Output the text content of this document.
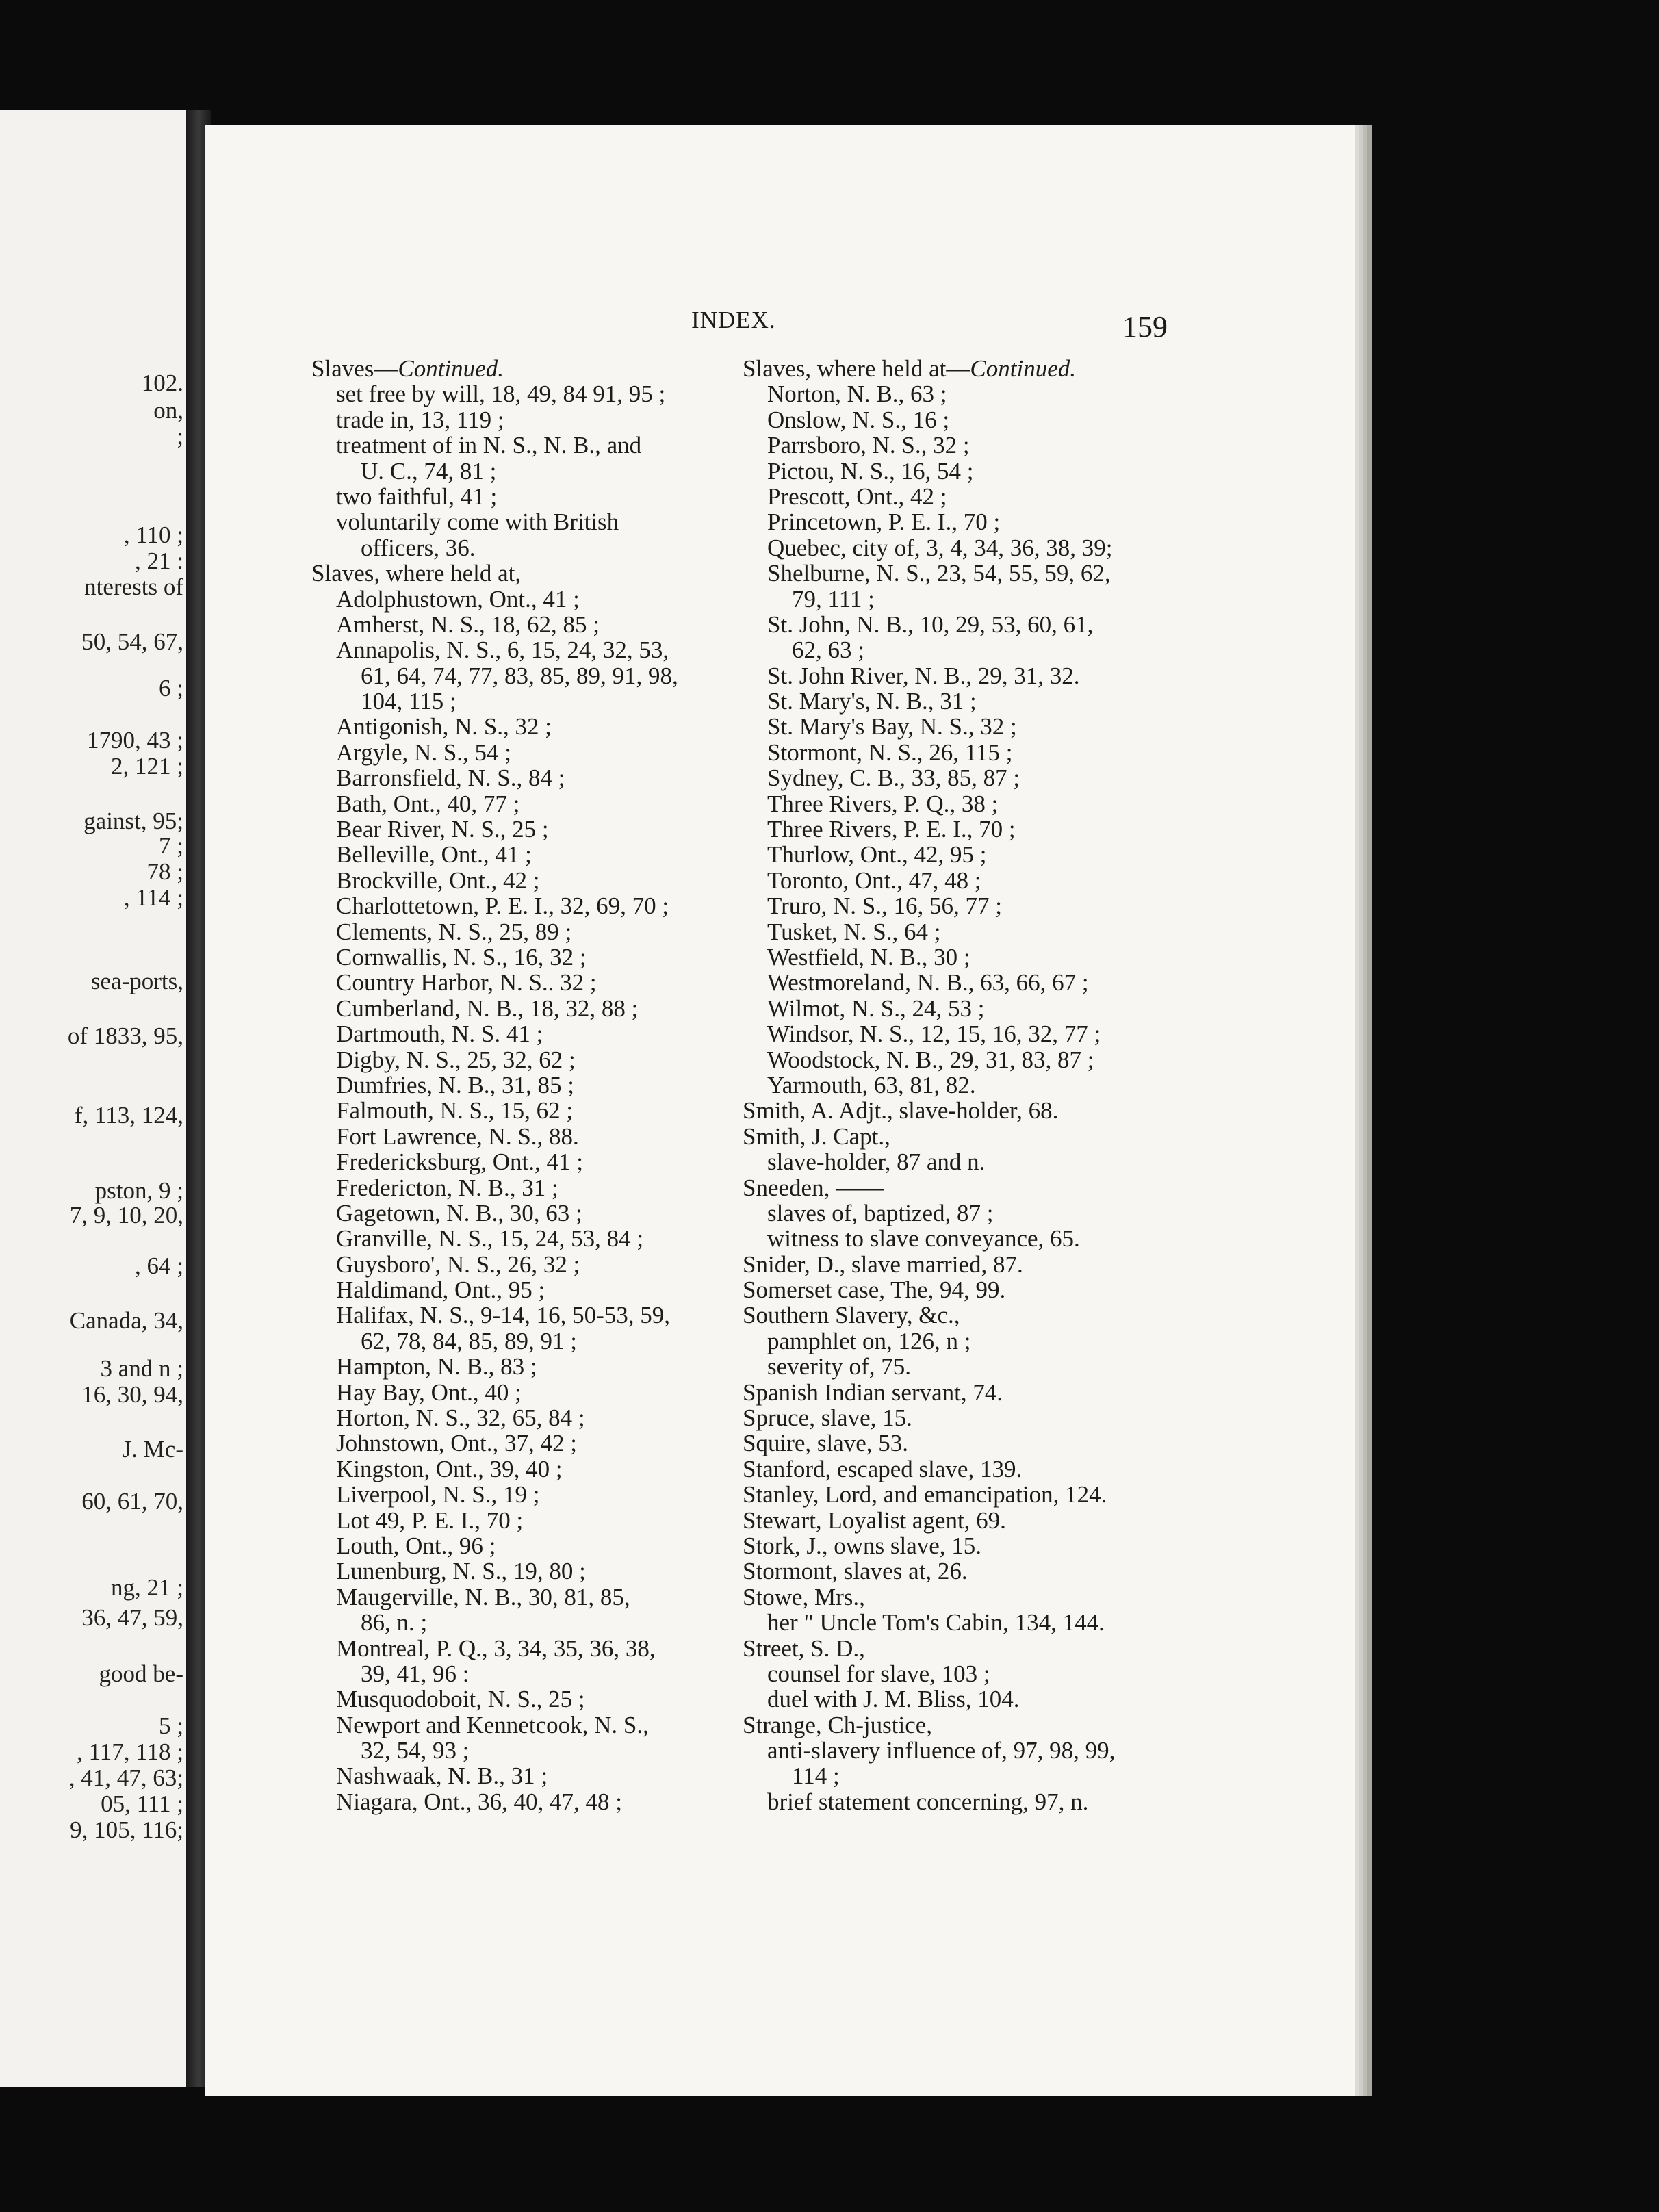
102.
on,
;
, 110 ;
, 21 :
nterests of
50, 54, 67,
6 ;
1790, 43 ;
2, 121 ;
gainst, 95;
7 ;
78 ;
, 114 ;
sea-ports,
of 1833, 95,
f, 113, 124,
pston, 9 ;
7, 9, 10, 20,
, 64 ;
Canada, 34,
3 and n ;
16, 30, 94,
J. Mc-
60, 61, 70,
ng, 21 ;
36, 47, 59,
good be-
5 ;
, 117, 118 ;
, 41, 47, 63;
05, 111 ;
9, 105, 116;
INDEX.	159
Slaves—Continued.
set free by will, 18, 49, 84 91, 95 ;
trade in, 13, 119 ;
treatment of in N. S., N. B., and
U. C., 74, 81 ;
two faithful, 41 ;
voluntarily come with British
officers, 36.
Slaves, where held at,
Adolphustown, Ont., 41 ;
Amherst, N. S., 18, 62, 85 ;
Annapolis, N. S., 6, 15, 24, 32, 53,
61, 64, 74, 77, 83, 85, 89, 91, 98,
104, 115 ;
Antigonish, N. S., 32 ;
Argyle, N. S., 54 ;
Barronsfield, N. S., 84 ;
Bath, Ont., 40, 77 ;
Bear River, N. S., 25 ;
Belleville, Ont., 41 ;
Brockville, Ont., 42 ;
Charlottetown, P. E. I., 32, 69, 70 ;
Clements, N. S., 25, 89 ;
Cornwallis, N. S., 16, 32 ;
Country Harbor, N. S.. 32 ;
Cumberland, N. B., 18, 32, 88 ;
Dartmouth, N. S. 41 ;
Digby, N. S., 25, 32, 62 ;
Dumfries, N. B., 31, 85 ;
Falmouth, N. S., 15, 62 ;
Fort Lawrence, N. S., 88.
Fredericksburg, Ont., 41 ;
Fredericton, N. B., 31 ;
Gagetown, N. B., 30, 63 ;
Granville, N. S., 15, 24, 53, 84 ;
Guysboro', N. S., 26, 32 ;
Haldimand, Ont., 95 ;
Halifax, N. S., 9-14, 16, 50-53, 59,
62, 78, 84, 85, 89, 91 ;
Hampton, N. B., 83 ;
Hay Bay, Ont., 40 ;
Horton, N. S., 32, 65, 84 ;
Johnstown, Ont., 37, 42 ;
Kingston, Ont., 39, 40 ;
Liverpool, N. S., 19 ;
Lot 49, P. E. I., 70 ;
Louth, Ont., 96 ;
Lunenburg, N. S., 19, 80 ;
Maugerville, N. B., 30, 81, 85,
86, n. ;
Montreal, P. Q., 3, 34, 35, 36, 38,
39, 41, 96 :
Musquodoboit, N. S., 25 ;
Newport and Kennetcook, N. S.,
32, 54, 93 ;
Nashwaak, N. B., 31 ;
Niagara, Ont., 36, 40, 47, 48 ;
Slaves, where held at—Continued.
Norton, N. B., 63 ;
Onslow, N. S., 16 ;
Parrsboro, N. S., 32 ;
Pictou, N. S., 16, 54 ;
Prescott, Ont., 42 ;
Princetown, P. E. I., 70 ;
Quebec, city of, 3, 4, 34, 36, 38, 39;
Shelburne, N. S., 23, 54, 55, 59, 62,
79, 111 ;
St. John, N. B., 10, 29, 53, 60, 61,
62, 63 ;
St. John River, N. B., 29, 31, 32.
St. Mary's, N. B., 31 ;
St. Mary's Bay, N. S., 32 ;
Stormont, N. S., 26, 115 ;
Sydney, C. B., 33, 85, 87 ;
Three Rivers, P. Q., 38 ;
Three Rivers, P. E. I., 70 ;
Thurlow, Ont., 42, 95 ;
Toronto, Ont., 47, 48 ;
Truro, N. S., 16, 56, 77 ;
Tusket, N. S., 64 ;
Westfield, N. B., 30 ;
Westmoreland, N. B., 63, 66, 67 ;
Wilmot, N. S., 24, 53 ;
Windsor, N. S., 12, 15, 16, 32, 77 ;
Woodstock, N. B., 29, 31, 83, 87 ;
Yarmouth, 63, 81, 82.
Smith, A. Adjt., slave-holder, 68.
Smith, J. Capt.,
slave-holder, 87 and n.
Sneeden, ——
slaves of, baptized, 87 ;
witness to slave conveyance, 65.
Snider, D., slave married, 87.
Somerset case, The, 94, 99.
Southern Slavery, &c.,
pamphlet on, 126, n ;
severity of, 75.
Spanish Indian servant, 74.
Spruce, slave, 15.
Squire, slave, 53.
Stanford, escaped slave, 139.
Stanley, Lord, and emancipation, 124.
Stewart, Loyalist agent, 69.
Stork, J., owns slave, 15.
Stormont, slaves at, 26.
Stowe, Mrs.,
her " Uncle Tom's Cabin, 134, 144.
Street, S. D.,
counsel for slave, 103 ;
duel with J. M. Bliss, 104.
Strange, Ch-justice,
anti-slavery influence of, 97, 98, 99,
114 ;
brief statement concerning, 97, n.
